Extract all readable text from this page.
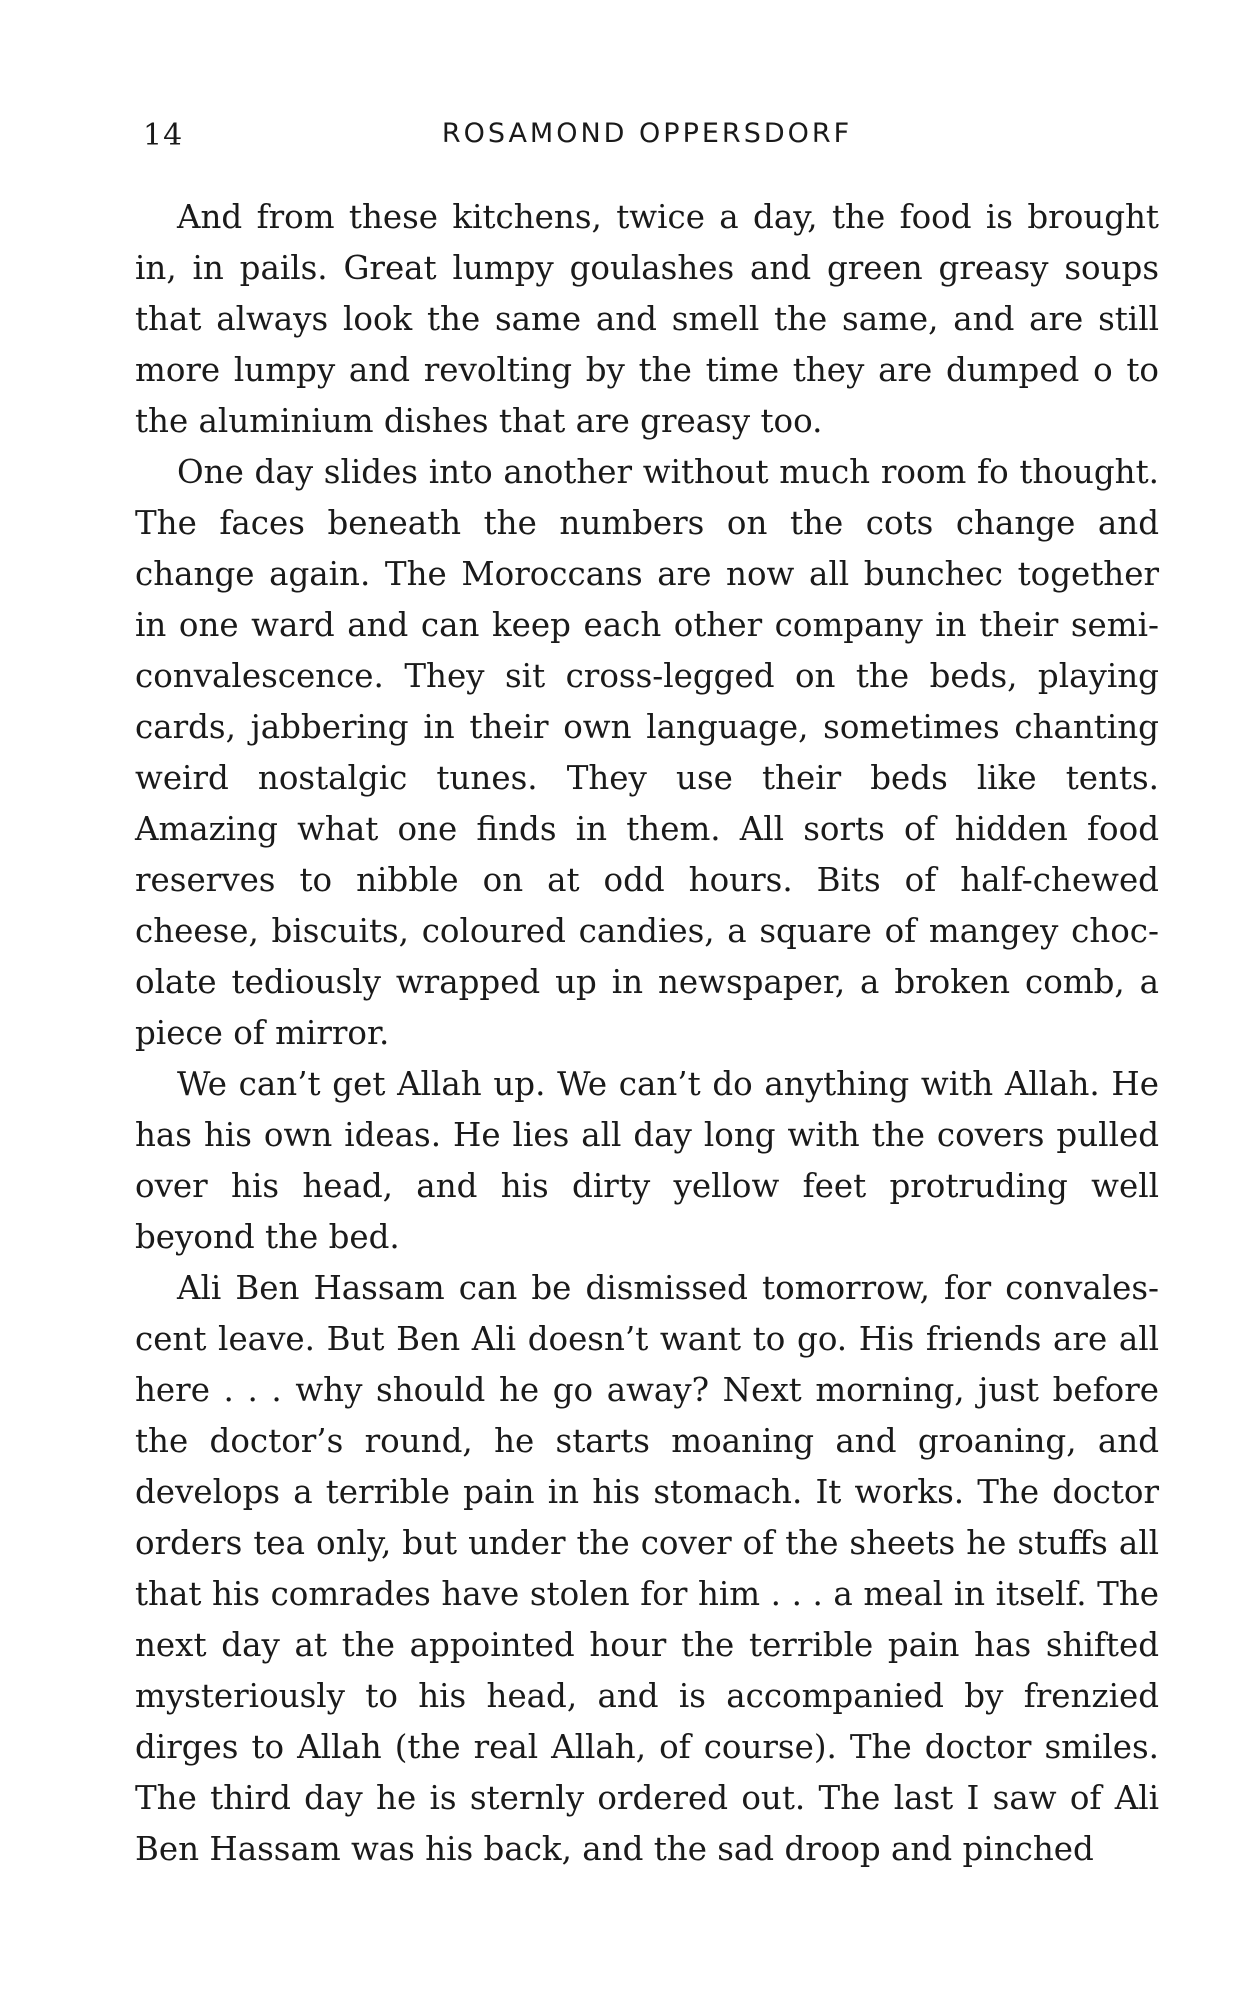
14	ROSAMOND OPPERSDORF

And from these kitchens, twice a day, the food is brought in, in pails. Great lumpy goulashes and green greasy soups that always look the same and smell the same, and are still more lumpy and revolting by the time they are dumped o to the aluminium dishes that are greasy too.

One day slides into another without much room fo thought. The faces beneath the numbers on the cots change and change again. The Moroccans are now all bunchec together in one ward and can keep each other company in their semi-convalescence. They sit cross-legged on the beds, playing cards, jabbering in their own language, sometimes chanting weird nostalgic tunes. They use their beds like tents. Amazing what one finds in them. All sorts of hidden food reserves to nibble on at odd hours. Bits of half-chewed cheese, biscuits, coloured candies, a square of mangey chocolate tediously wrapped up in newspaper, a broken comb, a piece of mirror.

We can’t get Allah up. We can’t do anything with Allah. He has his own ideas. He lies all day long with the covers pulled over his head, and his dirty yellow feet protruding well beyond the bed.

Ali Ben Hassam can be dismissed tomorrow, for convalescent leave. But Ben Ali doesn’t want to go. His friends are all here . . . why should he go away? Next morning, just before the doctor’s round, he starts moaning and groaning, and develops a terrible pain in his stomach. It works. The doctor orders tea only, but under the cover of the sheets he stuffs all that his comrades have stolen for him . . . a meal in itself. The next day at the appointed hour the terrible pain has shifted mysteriously to his head, and is accompanied by frenzied dirges to Allah (the real Allah, of course). The doctor smiles. The third day he is sternly ordered out. The last I saw of Ali Ben Hassam was his back, and the sad droop and pinched
